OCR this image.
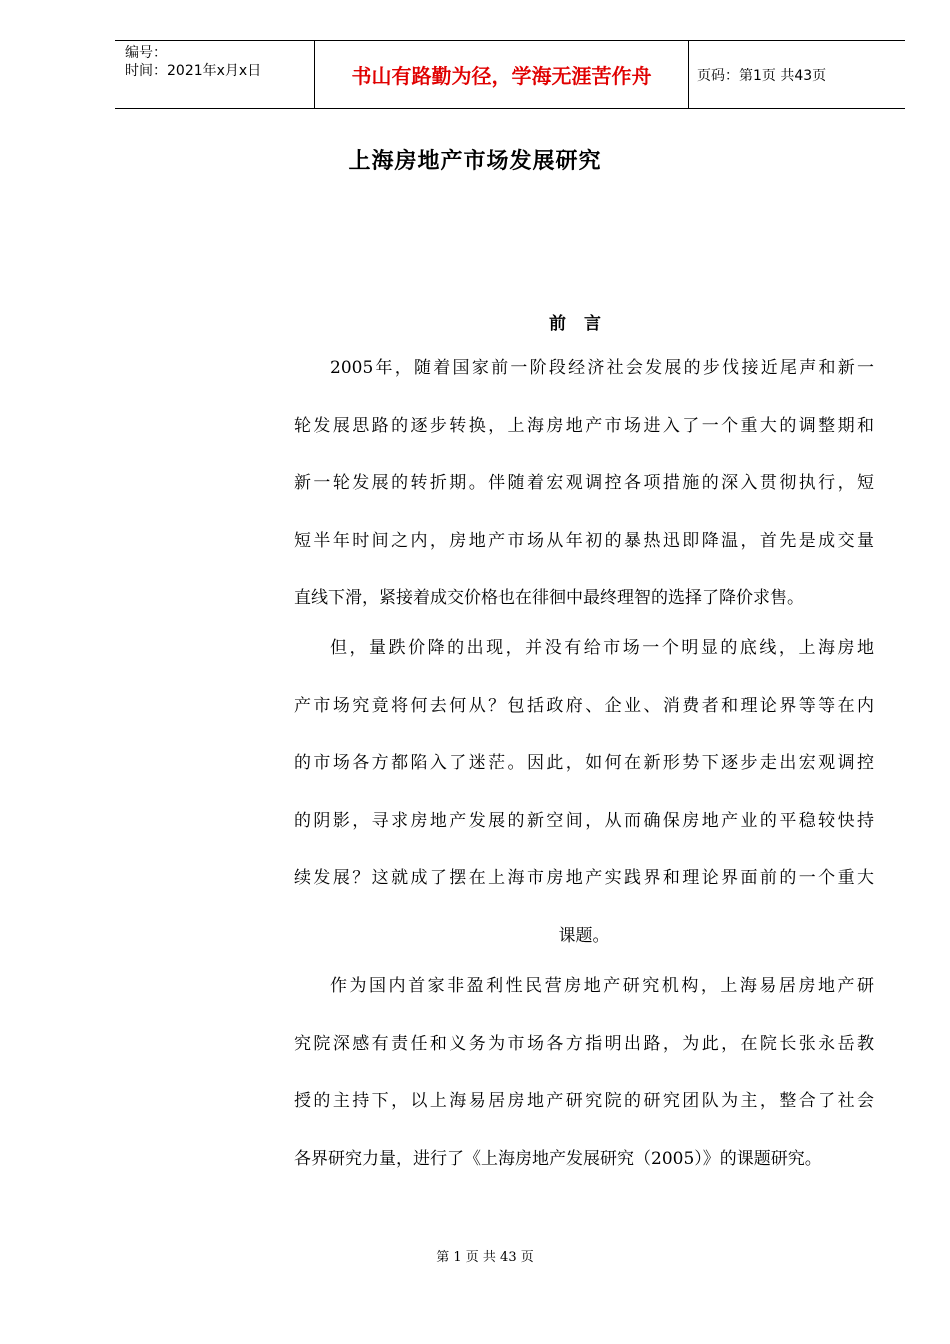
编号：
时间：2021年x月x日	书山有路勤为径，学海无涯苦作舟	页码：第1页 共43页
上海房地产市场发展研究
前言
2005年，随着国家前一阶段经济社会发展的步伐接近尾声和新一
轮发展思路的逐步转换，上海房地产市场进入了一个重大的调整期和
新一轮发展的转折期。伴随着宏观调控各项措施的深入贯彻执行，短
短半年时间之内，房地产市场从年初的暴热迅即降温，首先是成交量
直线下滑，紧接着成交价格也在徘徊中最终理智的选择了降价求售。
但，量跌价降的出现，并没有给市场一个明显的底线，上海房地
产市场究竟将何去何从？包括政府、企业、消费者和理论界等等在内
的市场各方都陷入了迷茫。因此，如何在新形势下逐步走出宏观调控
的阴影，寻求房地产发展的新空间，从而确保房地产业的平稳较快持
续发展？这就成了摆在上海市房地产实践界和理论界面前的一个重大
课题。
作为国内首家非盈利性民营房地产研究机构，上海易居房地产研
究院深感有责任和义务为市场各方指明出路，为此，在院长张永岳教
授的主持下，以上海易居房地产研究院的研究团队为主，整合了社会
各界研究力量，进行了《上海房地产发展研究（2005）》的课题研究。
第 1 页 共 43 页
